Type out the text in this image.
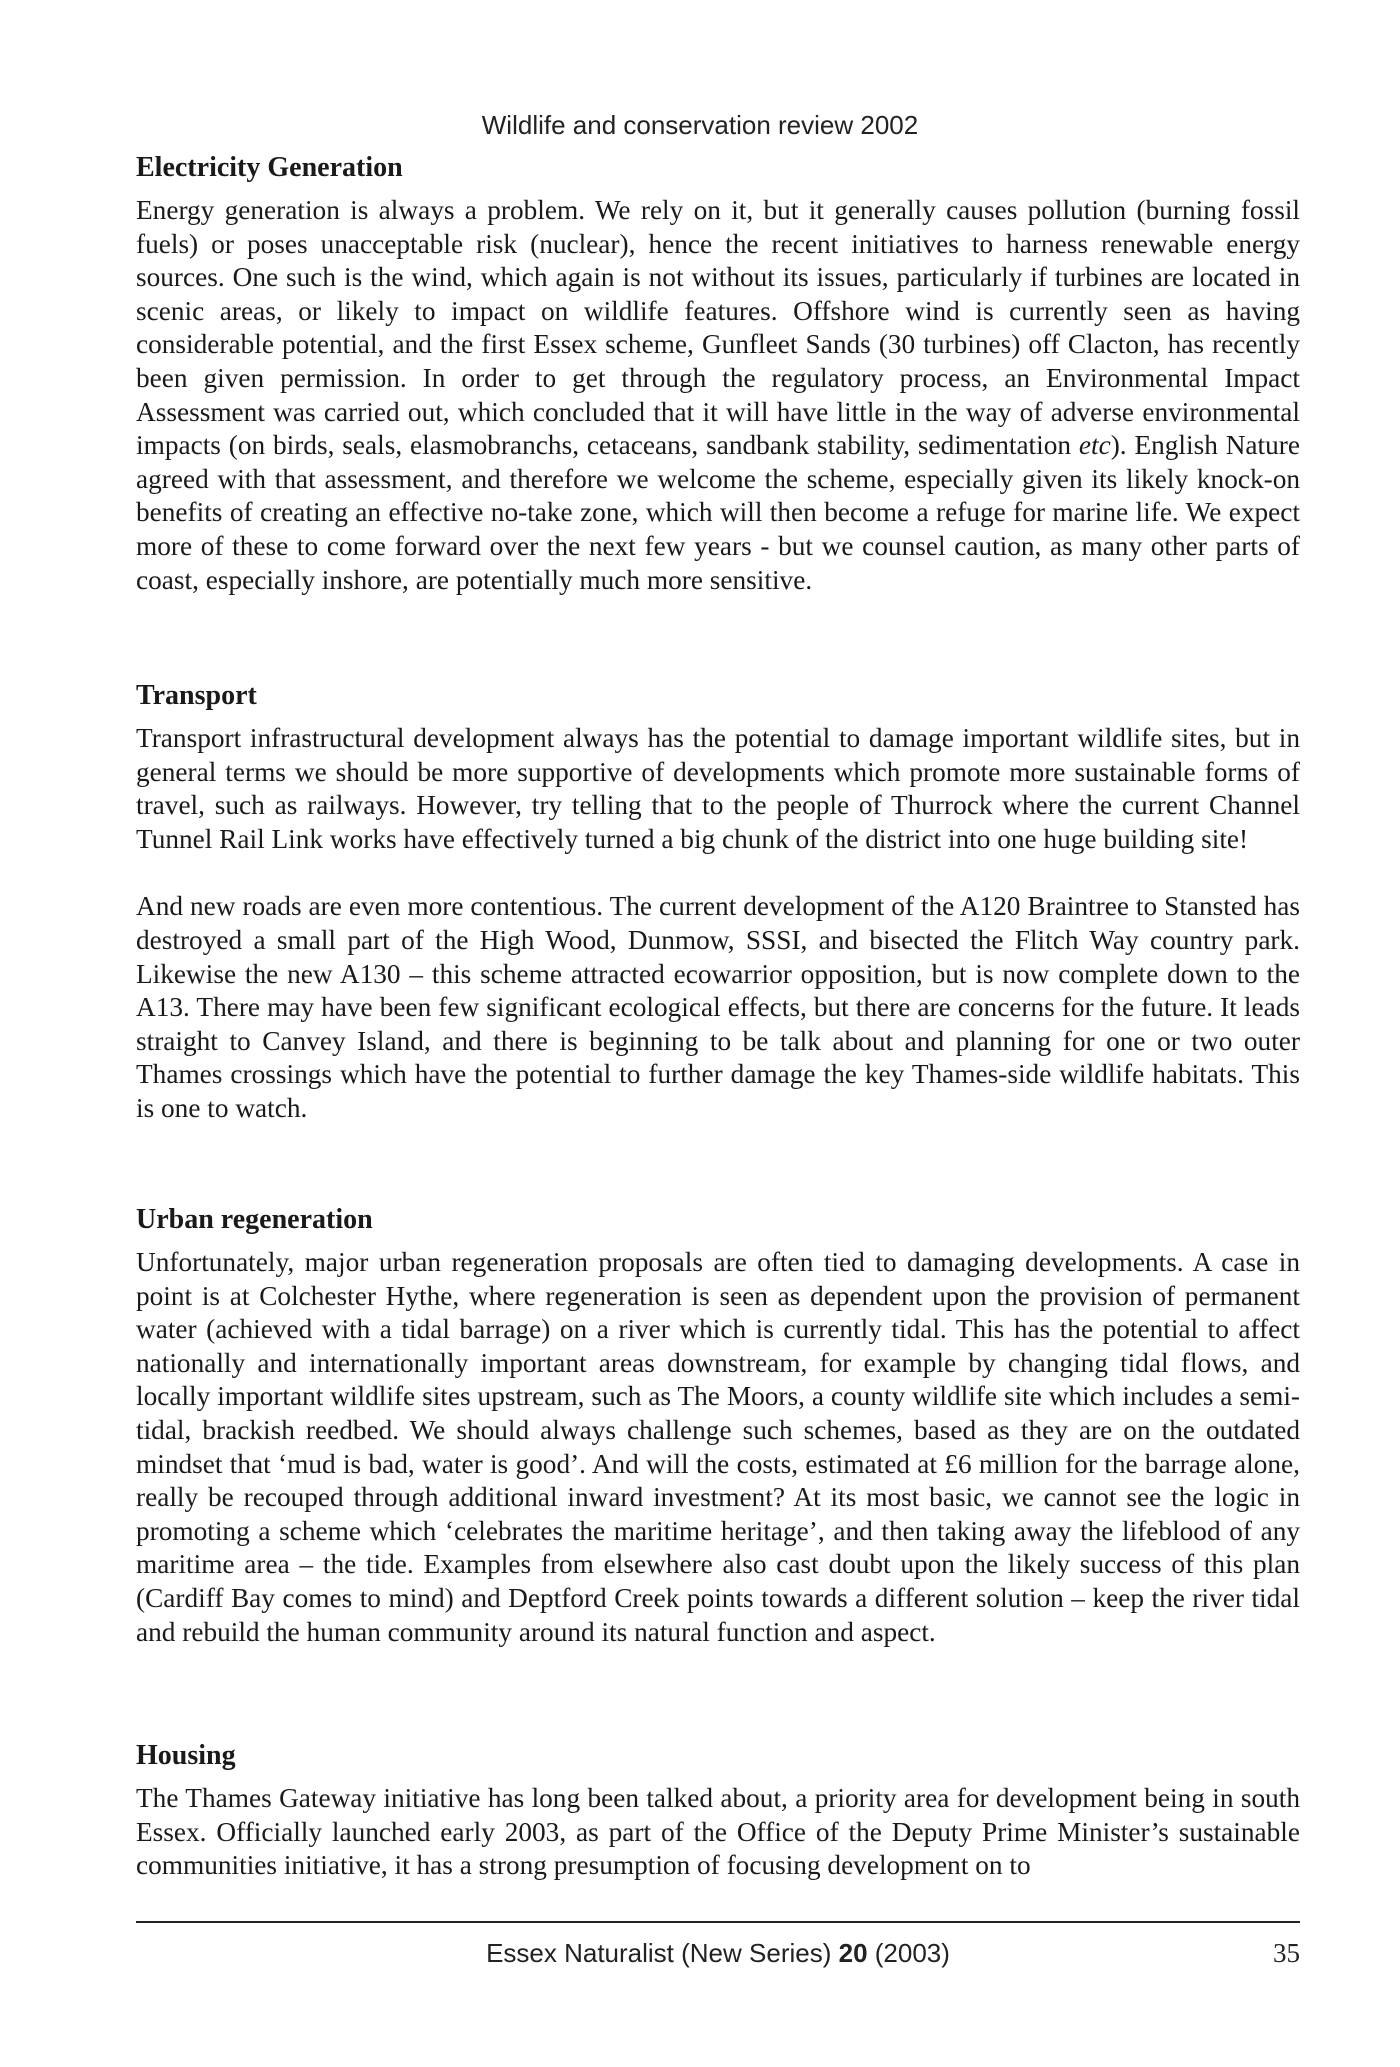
Wildlife and conservation review 2002
Electricity Generation

Energy generation is always a problem. We rely on it, but it generally causes pollution (burning fossil fuels) or poses unacceptable risk (nuclear), hence the recent initiatives to harness renewable energy sources. One such is the wind, which again is not without its issues, particularly if turbines are located in scenic areas, or likely to impact on wildlife features. Offshore wind is currently seen as having considerable potential, and the first Essex scheme, Gunfleet Sands (30 turbines) off Clacton, has recently been given permission. In order to get through the regulatory process, an Environmental Impact Assessment was carried out, which concluded that it will have little in the way of adverse environmental impacts (on birds, seals, elasmobranchs, cetaceans, sandbank stability, sedimentation etc). English Nature agreed with that assessment, and therefore we welcome the scheme, especially given its likely knock-on benefits of creating an effective no-take zone, which will then become a refuge for marine life. We expect more of these to come forward over the next few years - but we counsel caution, as many other parts of coast, especially inshore, are potentially much more sensitive.

Transport

Transport infrastructural development always has the potential to damage important wildlife sites, but in general terms we should be more supportive of developments which promote more sustainable forms of travel, such as railways. However, try telling that to the people of Thurrock where the current Channel Tunnel Rail Link works have effectively turned a big chunk of the district into one huge building site!

And new roads are even more contentious. The current development of the A120 Braintree to Stansted has destroyed a small part of the High Wood, Dunmow, SSSI, and bisected the Flitch Way country park. Likewise the new A130 – this scheme attracted ecowarrior opposition, but is now complete down to the A13. There may have been few significant ecological effects, but there are concerns for the future. It leads straight to Canvey Island, and there is beginning to be talk about and planning for one or two outer Thames crossings which have the potential to further damage the key Thames-side wildlife habitats. This is one to watch.

Urban regeneration

Unfortunately, major urban regeneration proposals are often tied to damaging developments. A case in point is at Colchester Hythe, where regeneration is seen as dependent upon the provision of permanent water (achieved with a tidal barrage) on a river which is currently tidal. This has the potential to affect nationally and internationally important areas downstream, for example by changing tidal flows, and locally important wildlife sites upstream, such as The Moors, a county wildlife site which includes a semi-tidal, brackish reedbed. We should always challenge such schemes, based as they are on the outdated mindset that ‘mud is bad, water is good’. And will the costs, estimated at £6 million for the barrage alone, really be recouped through additional inward investment? At its most basic, we cannot see the logic in promoting a scheme which ‘celebrates the maritime heritage’, and then taking away the lifeblood of any maritime area – the tide. Examples from elsewhere also cast doubt upon the likely success of this plan (Cardiff Bay comes to mind) and Deptford Creek points towards a different solution – keep the river tidal and rebuild the human community around its natural function and aspect.

Housing

The Thames Gateway initiative has long been talked about, a priority area for development being in south Essex. Officially launched early 2003, as part of the Office of the Deputy Prime Minister’s sustainable communities initiative, it has a strong presumption of focusing development on to

Essex Naturalist (New Series) 20 (2003)	35
